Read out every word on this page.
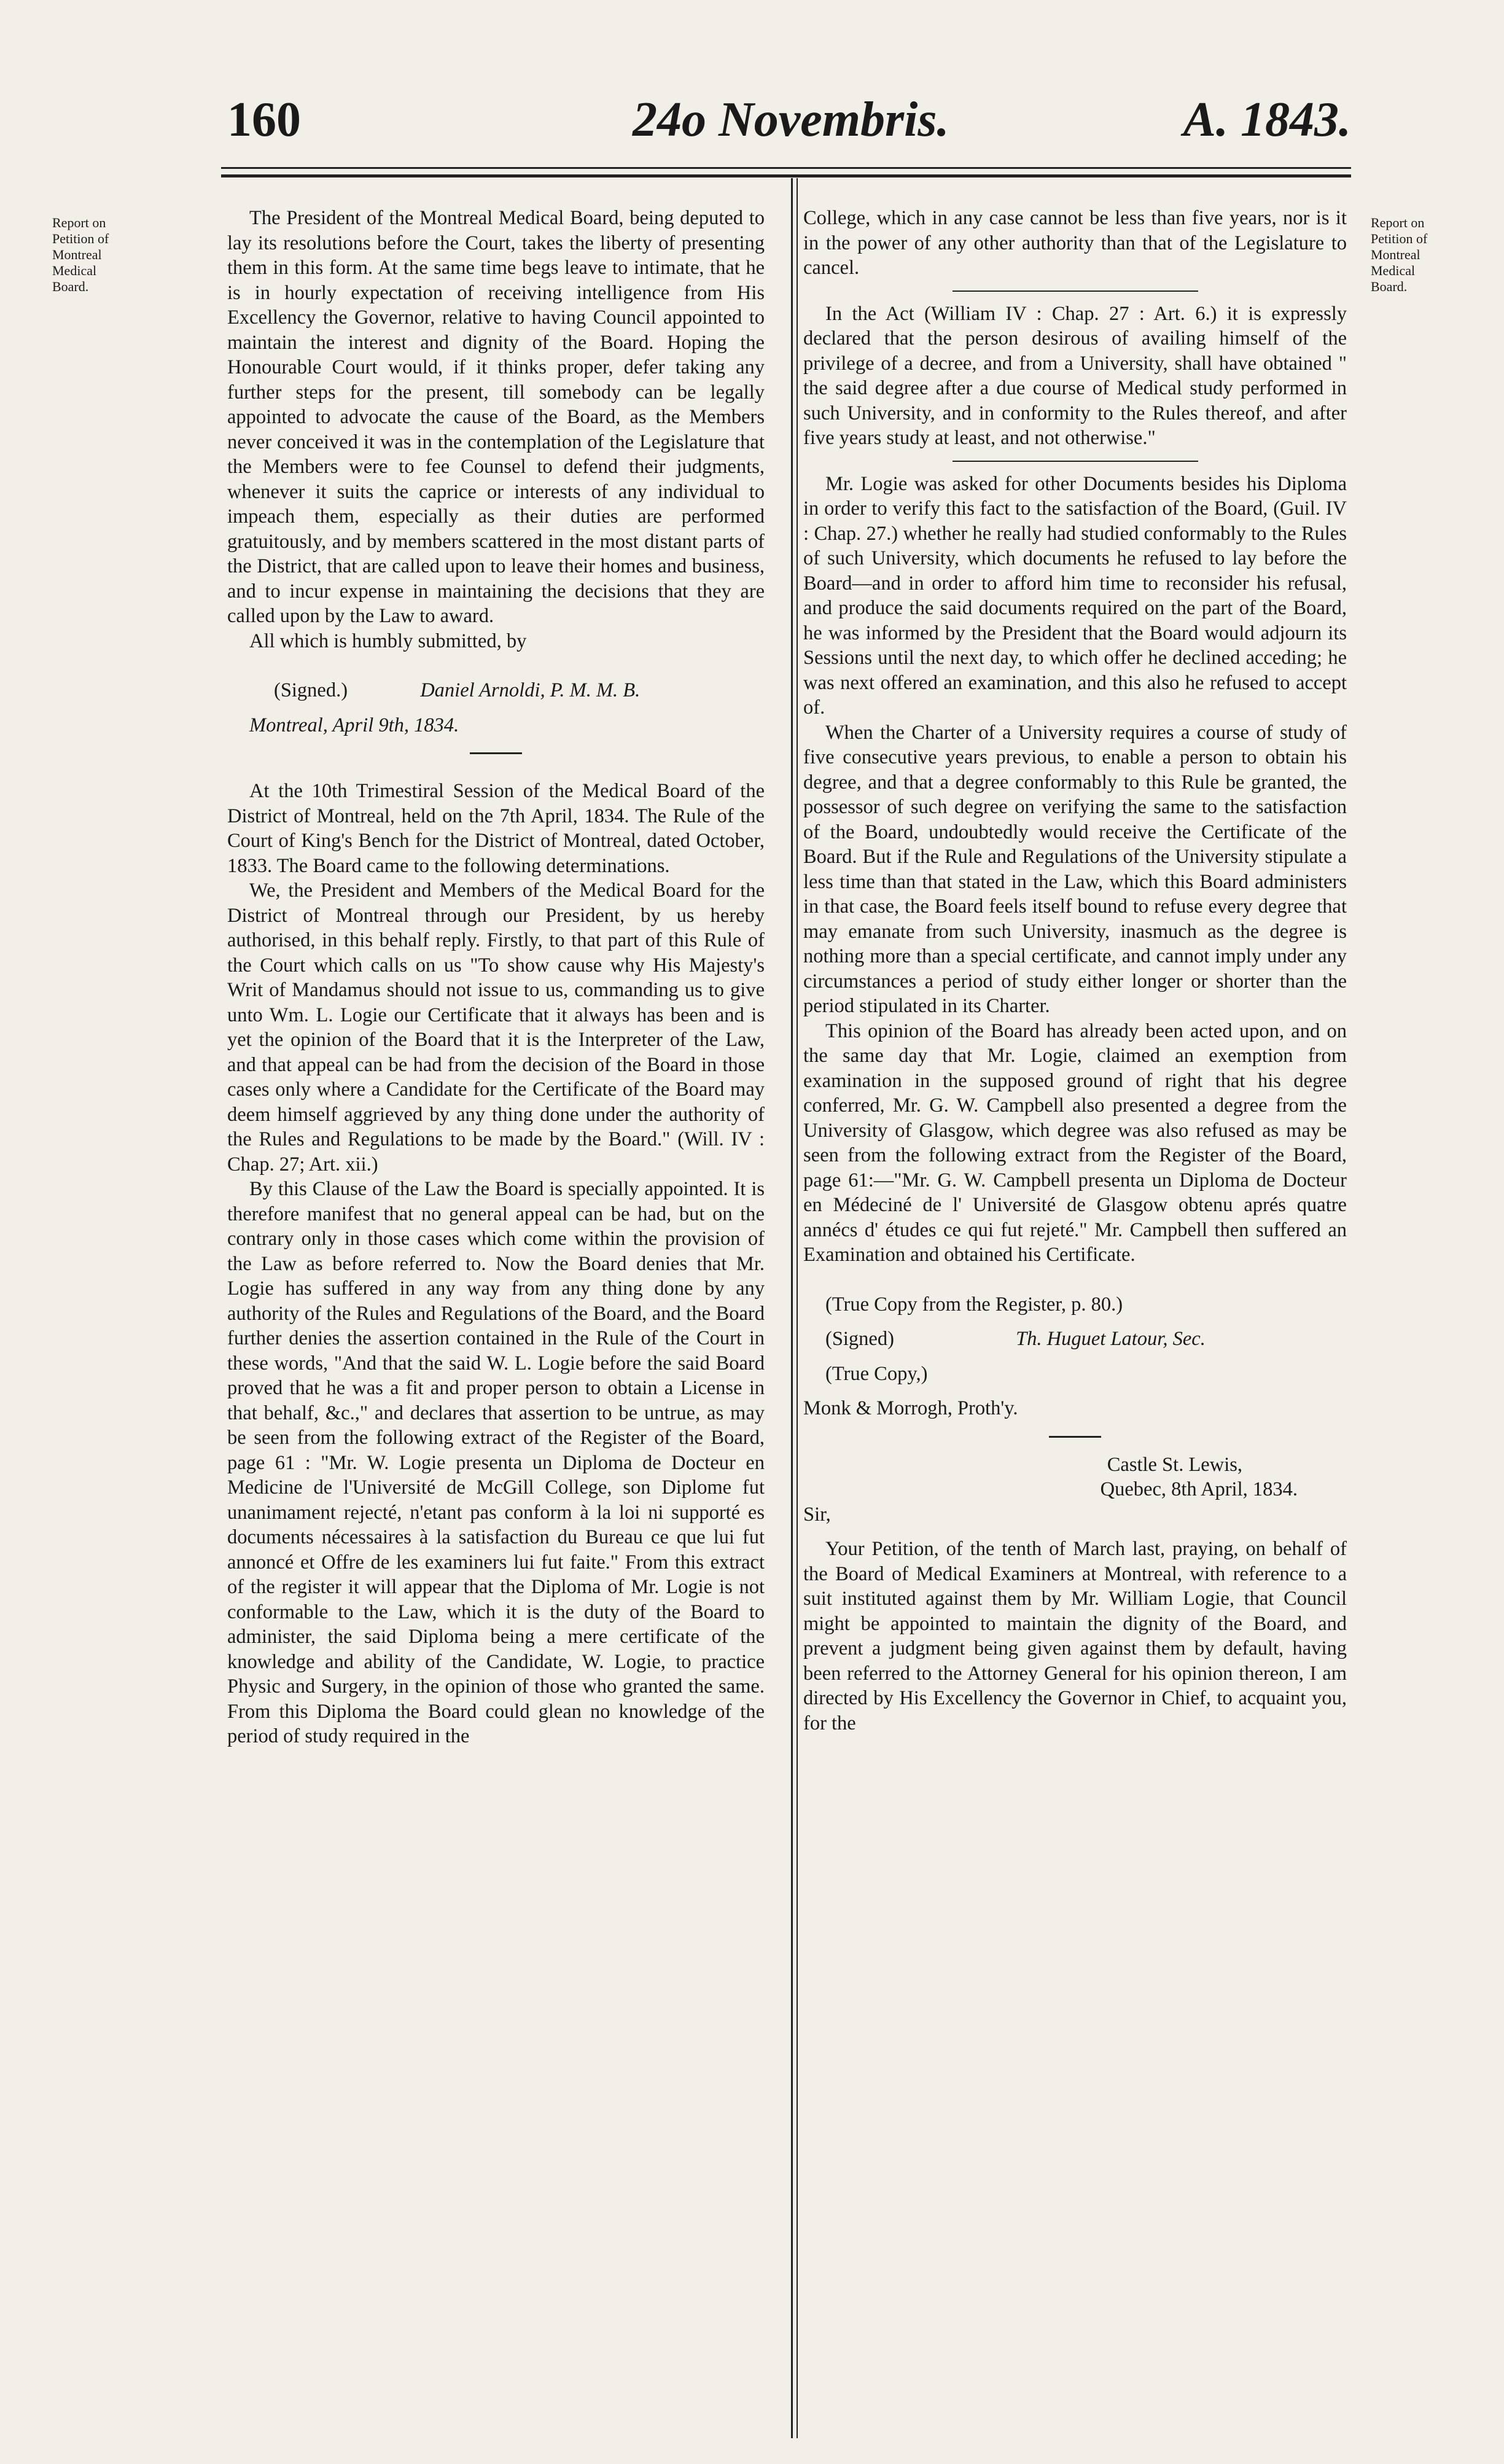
160	24o Novembris.	A. 1843.
Report on Petition of Montreal Medical Board.
Report on Petition of Montreal Medical Board.

The President of the Montreal Medical Board, being deputed to lay its resolutions before the Court, takes the liberty of presenting them in this form. At the same time begs leave to intimate, that he is in hourly expectation of receiving intelligence from His Excellency the Governor, relative to having Council appointed to maintain the interest and dignity of the Board. Hoping the Honourable Court would, if it thinks proper, defer taking any further steps for the present, till somebody can be legally appointed to advocate the cause of the Board, as the Members never conceived it was in the contemplation of the Legislature that the Members were to fee Counsel to defend their judgments, whenever it suits the caprice or interests of any individual to impeach them, especially as their duties are performed gratuitously, and by members scattered in the most distant parts of the District, that are called upon to leave their homes and business, and to incur expense in maintaining the decisions that they are called upon by the Law to award.

All which is humbly submitted, by

(Signed.)	Daniel Arnoldi, P. M. M. B.

Montreal, April 9th, 1834.

At the 10th Trimestiral Session of the Medical Board of the District of Montreal, held on the 7th April, 1834. The Rule of the Court of King's Bench for the District of Montreal, dated October, 1833. The Board came to the following determinations.

We, the President and Members of the Medical Board for the District of Montreal through our President, by us hereby authorised, in this behalf reply. Firstly, to that part of this Rule of the Court which calls on us "To show cause why His Majesty's Writ of Mandamus should not issue to us, commanding us to give unto Wm. L. Logie our Certificate that it always has been and is yet the opinion of the Board that it is the Interpreter of the Law, and that appeal can be had from the decision of the Board in those cases only where a Candidate for the Certificate of the Board may deem himself aggrieved by any thing done under the authority of the Rules and Regulations to be made by the Board." (Will. IV : Chap. 27; Art. xii.)

By this Clause of the Law the Board is specially appointed. It is therefore manifest that no general appeal can be had, but on the contrary only in those cases which come within the provision of the Law as before referred to. Now the Board denies that Mr. Logie has suffered in any way from any thing done by any authority of the Rules and Regulations of the Board, and the Board further denies the assertion contained in the Rule of the Court in these words, "And that the said W. L. Logie before the said Board proved that he was a fit and proper person to obtain a License in that behalf, &c.," and declares that assertion to be untrue, as may be seen from the following extract of the Register of the Board, page 61 : "Mr. W. Logie presenta un Diploma de Docteur en Medicine de l'Université de McGill College, son Diplome fut unanimament rejecté, n'etant pas conform à la loi ni supporté es documents nécessaires à la satisfaction du Bureau ce que lui fut annoncé et Offre de les examiners lui fut faite." From this extract of the register it will appear that the Diploma of Mr. Logie is not conformable to the Law, which it is the duty of the Board to administer, the said Diploma being a mere certificate of the knowledge and ability of the Candidate, W. Logie, to practice Physic and Surgery, in the opinion of those who granted the same. From this Diploma the Board could glean no knowledge of the period of study required in the

College, which in any case cannot be less than five years, nor is it in the power of any other authority than that of the Legislature to cancel.

In the Act (William IV : Chap. 27 : Art. 6.) it is expressly declared that the person desirous of availing himself of the privilege of a decree, and from a University, shall have obtained " the said degree after a due course of Medical study performed in such University, and in conformity to the Rules thereof, and after five years study at least, and not otherwise."

Mr. Logie was asked for other Documents besides his Diploma in order to verify this fact to the satisfaction of the Board, (Guil. IV : Chap. 27.) whether he really had studied conformably to the Rules of such University, which documents he refused to lay before the Board—and in order to afford him time to reconsider his refusal, and produce the said documents required on the part of the Board, he was informed by the President that the Board would adjourn its Sessions until the next day, to which offer he declined acceding; he was next offered an examination, and this also he refused to accept of.

When the Charter of a University requires a course of study of five consecutive years previous, to enable a person to obtain his degree, and that a degree conformably to this Rule be granted, the possessor of such degree on verifying the same to the satisfaction of the Board, undoubtedly would receive the Certificate of the Board. But if the Rule and Regulations of the University stipulate a less time than that stated in the Law, which this Board administers in that case, the Board feels itself bound to refuse every degree that may emanate from such University, inasmuch as the degree is nothing more than a special certificate, and cannot imply under any circumstances a period of study either longer or shorter than the period stipulated in its Charter.

This opinion of the Board has already been acted upon, and on the same day that Mr. Logie, claimed an exemption from examination in the supposed ground of right that his degree conferred, Mr. G. W. Campbell also presented a degree from the University of Glasgow, which degree was also refused as may be seen from the following extract from the Register of the Board, page 61:—"Mr. G. W. Campbell presenta un Diploma de Docteur en Médeciné de l' Université de Glasgow obtenu aprés quatre annécs d' études ce qui fut rejeté." Mr. Campbell then suffered an Examination and obtained his Certificate.

(True Copy from the Register, p. 80.)

(Signed)	Th. Huguet Latour, Sec.

(True Copy,)

Monk & Morrogh, Proth'y.

Castle St. Lewis,

Quebec, 8th April, 1834.

Sir,

Your Petition, of the tenth of March last, praying, on behalf of the Board of Medical Examiners at Montreal, with reference to a suit instituted against them by Mr. William Logie, that Council might be appointed to maintain the dignity of the Board, and prevent a judgment being given against them by default, having been referred to the Attorney General for his opinion thereon, I am directed by His Excellency the Governor in Chief, to acquaint you, for the
